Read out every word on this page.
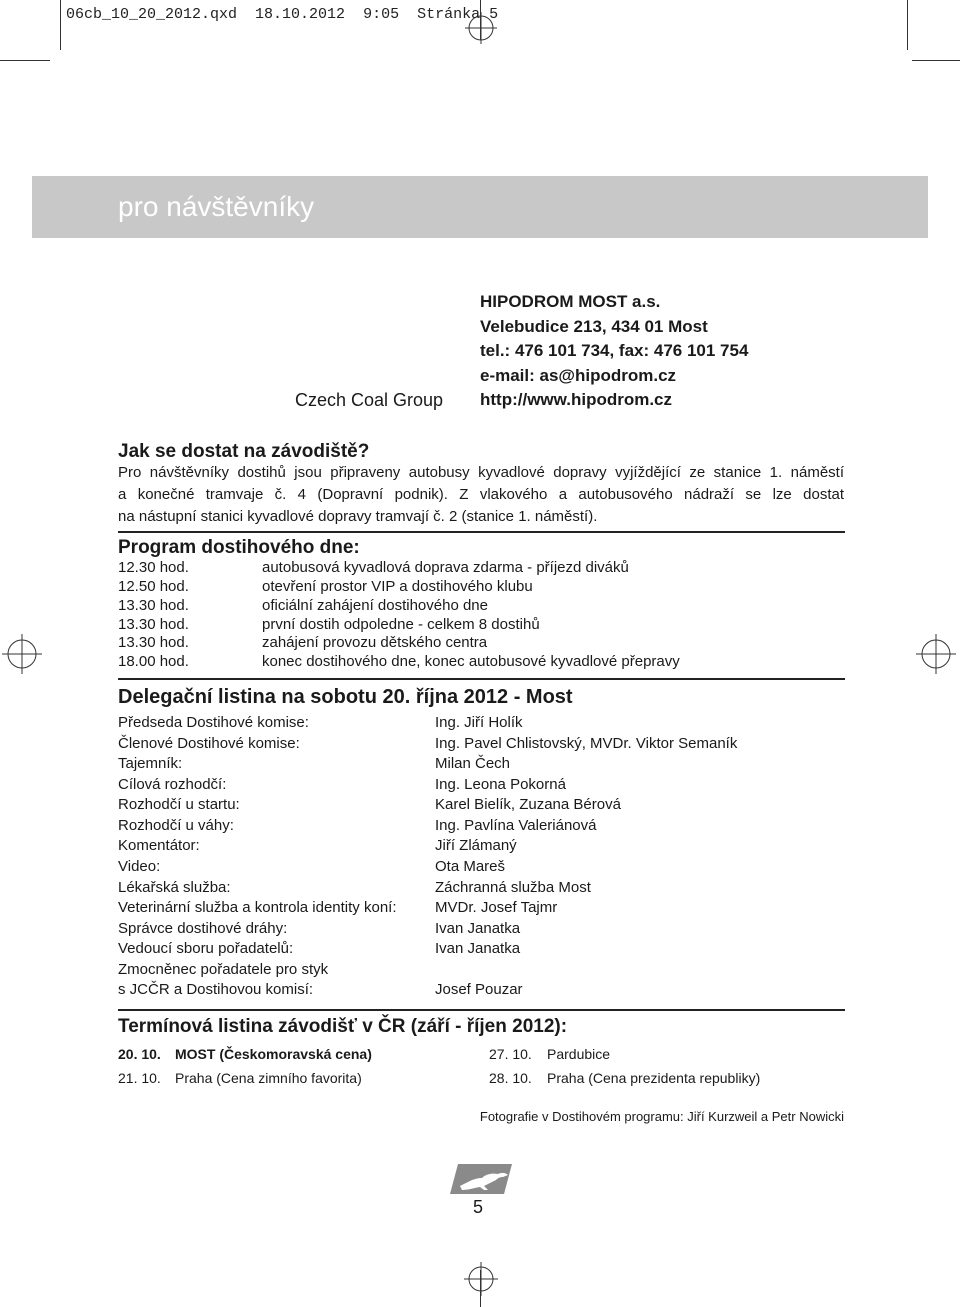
06cb_10_20_2012.qxd 18.10.2012 9:05 Stránka 5
pro návštěvníky
Czech Coal Group
HIPODROM MOST a.s.
Velebudice 213, 434 01 Most
tel.: 476 101 734, fax: 476 101 754
e-mail: as@hipodrom.cz
http://www.hipodrom.cz
Jak se dostat na závodiště?
Pro návštěvníky dostihů jsou připraveny autobusy kyvadlové dopravy vyjíždějící ze stanice 1. náměstí
a konečné tramvaje č. 4 (Dopravní podnik). Z vlakového a autobusového nádraží se lze dostat
na nástupní stanici kyvadlové dopravy tramvají č. 2 (stanice 1. náměstí).
Program dostihového dne:
12.30 hod.	autobusová kyvadlová doprava zdarma - příjezd diváků
12.50 hod.	otevření prostor VIP a dostihového klubu
13.30 hod.	oficiální zahájení dostihového dne
13.30 hod.	první dostih odpoledne - celkem 8 dostihů
13.30 hod.	zahájení provozu dětského centra
18.00 hod.	konec dostihového dne, konec autobusové kyvadlové přepravy
Delegační listina na sobotu 20. října 2012 - Most
Předseda Dostihové komise:	Ing. Jiří Holík
Členové Dostihové komise:	Ing. Pavel Chlistovský, MVDr. Viktor Semaník
Tajemník:	Milan Čech
Cílová rozhodčí:	Ing. Leona Pokorná
Rozhodčí u startu:	Karel Bielík, Zuzana Bérová
Rozhodčí u váhy:	Ing. Pavlína Valeriánová
Komentátor:	Jiří Zlámaný
Video:	Ota Mareš
Lékařská služba:	Záchranná služba Most
Veterinární služba a kontrola identity koní:	MVDr. Josef Tajmr
Správce dostihové dráhy:	Ivan Janatka
Vedoucí sboru pořadatelů:	Ivan Janatka
Zmocněnec pořadatele pro styk
s JCČR a Dostihovou komisí:	Josef Pouzar
Termínová listina závodišť v ČR (září - říjen 2012):
20. 10. MOST (Českomoravská cena)
21. 10. Praha (Cena zimního favorita)
27. 10. Pardubice
28. 10. Praha (Cena prezidenta republiky)
Fotografie v Dostihovém programu: Jiří Kurzweil a Petr Nowicki
5
